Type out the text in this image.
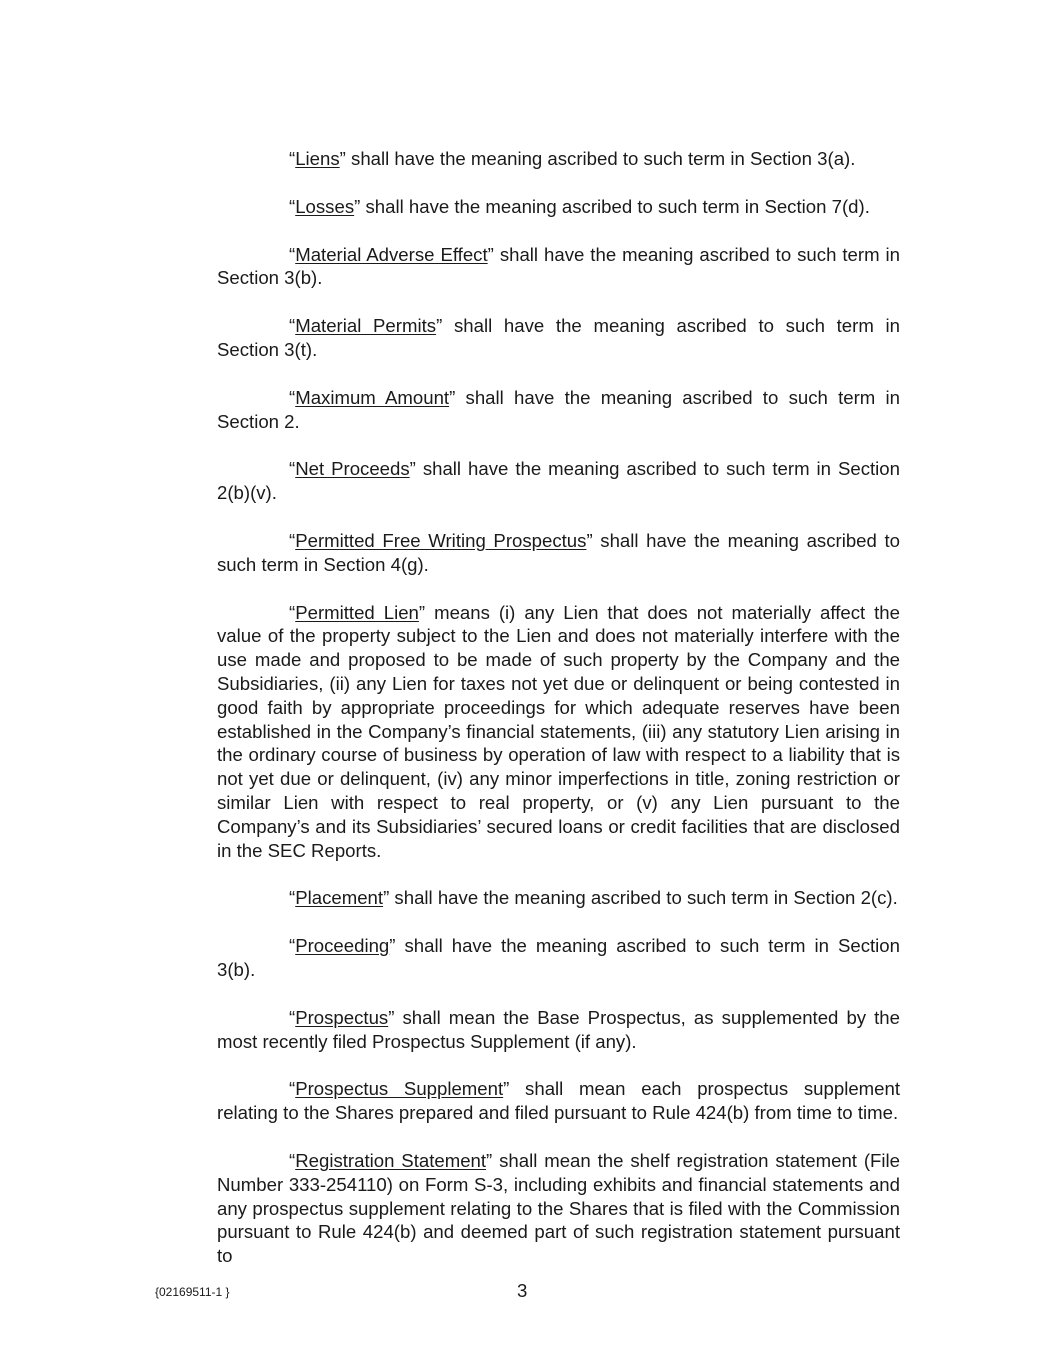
“Liens” shall have the meaning ascribed to such term in Section 3(a).

“Losses” shall have the meaning ascribed to such term in Section 7(d).

“Material Adverse Effect” shall have the meaning ascribed to such term in Section 3(b).

“Material Permits” shall have the meaning ascribed to such term in Section 3(t).

“Maximum Amount” shall have the meaning ascribed to such term in Section 2.

“Net Proceeds” shall have the meaning ascribed to such term in Section 2(b)(v).

“Permitted Free Writing Prospectus” shall have the meaning ascribed to such term in Section 4(g).

“Permitted Lien” means (i) any Lien that does not materially affect the value of the property subject to the Lien and does not materially interfere with the use made and proposed to be made of such property by the Company and the Subsidiaries, (ii) any Lien for taxes not yet due or delinquent or being contested in good faith by appropriate proceedings for which adequate reserves have been established in the Company’s financial statements, (iii) any statutory Lien arising in the ordinary course of business by operation of law with respect to a liability that is not yet due or delinquent, (iv) any minor imperfections in title, zoning restriction or similar Lien with respect to real property, or (v) any Lien pursuant to the Company’s and its Subsidiaries’ secured loans or credit facilities that are disclosed in the SEC Reports.

“Placement” shall have the meaning ascribed to such term in Section 2(c).

“Proceeding” shall have the meaning ascribed to such term in Section 3(b).

“Prospectus” shall mean the Base Prospectus, as supplemented by the most recently filed Prospectus Supplement (if any).

“Prospectus Supplement” shall mean each prospectus supplement relating to the Shares prepared and filed pursuant to Rule 424(b) from time to time.

“Registration Statement” shall mean the shelf registration statement (File Number 333-254110) on Form S-3, including exhibits and financial statements and any prospectus supplement relating to the Shares that is filed with the Commission pursuant to Rule 424(b) and deemed part of such registration statement pursuant to

{02169511-1 }	3
